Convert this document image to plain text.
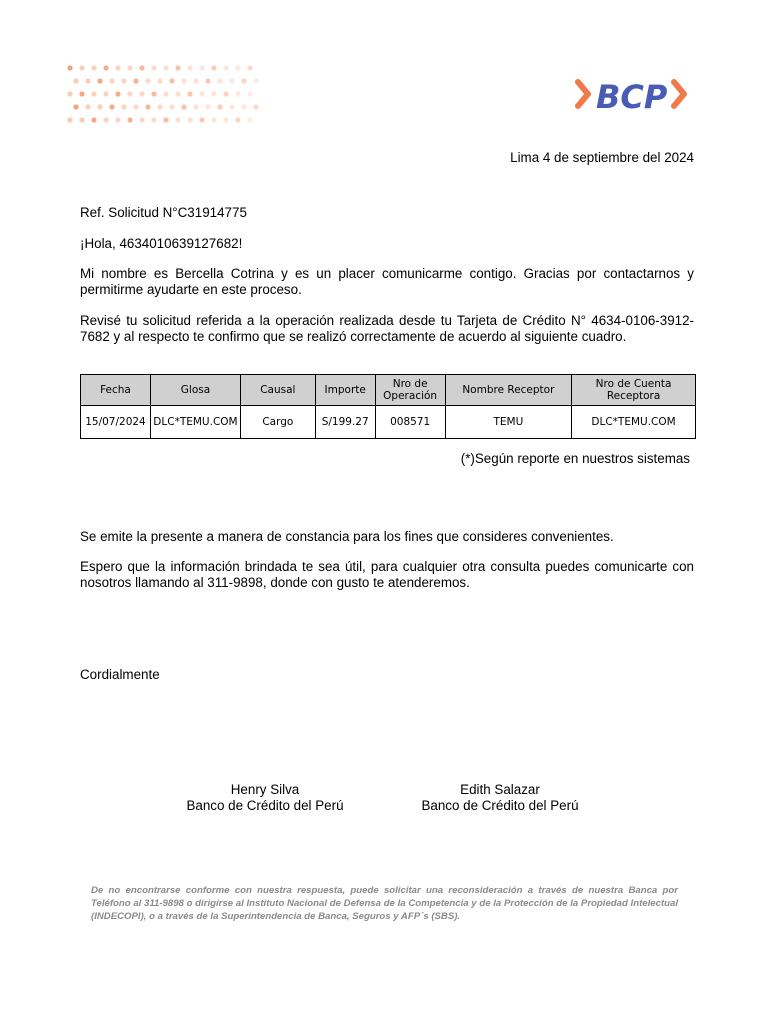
BCP
Lima 4 de septiembre del 2024
Ref. Solicitud N°C31914775
¡Hola, 4634010639127682!
Mi nombre es Bercella Cotrina y es un placer comunicarme contigo. Gracias por contactarnos y permitirme ayudarte en este proceso.
Revisé tu solicitud referida a la operación realizada desde tu Tarjeta de Crédito N° 4634-0106-3912-7682 y al respecto te confirmo que se realizó correctamente de acuerdo al siguiente cuadro.
Fecha	Glosa	Causal	Importe	Nro de Operación	Nombre Receptor	Nro de Cuenta Receptora
15/07/2024	DLC*TEMU.COM	Cargo	S/199.27	008571	TEMU	DLC*TEMU.COM
(*)Según reporte en nuestros sistemas
Se emite la presente a manera de constancia para los fines que consideres convenientes.
Espero que la información brindada te sea útil, para cualquier otra consulta puedes comunicarte con nosotros llamando al 311-9898, donde con gusto te atenderemos.
Cordialmente
Henry Silva
Banco de Crédito del Perú
Edith Salazar
Banco de Crédito del Perú
De no encontrarse conforme con nuestra respuesta, puede solicitar una reconsideración a través de nuestra Banca por Teléfono al 311-9898 o dirigirse al Instituto Nacional de Defensa de la Competencia y de la Protección de la Propiedad Intelectual (INDECOPI), o a través de la Superintendencia de Banca, Seguros y AFP´s (SBS).
